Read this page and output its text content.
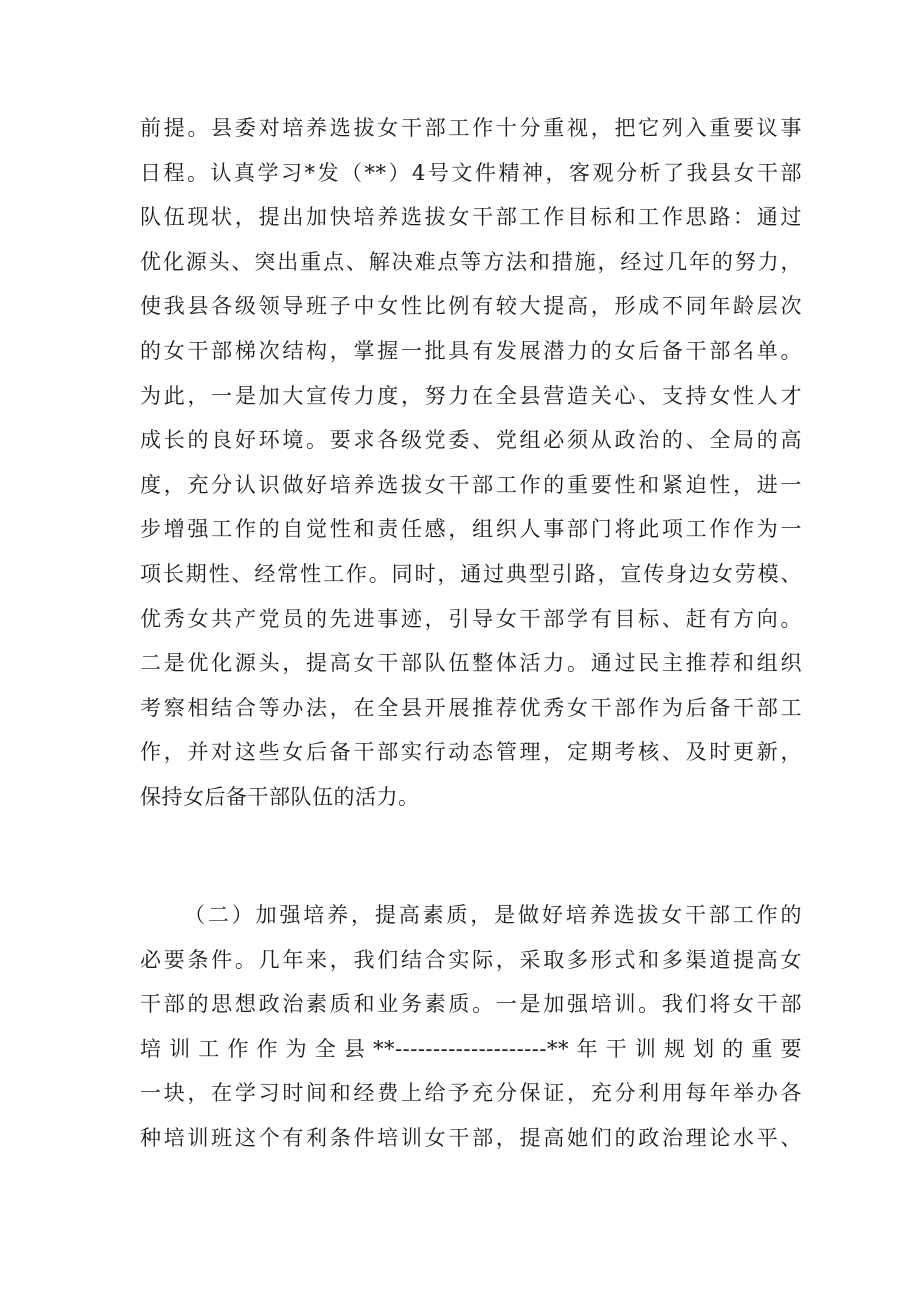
前提。县委对培养选拔女干部工作十分重视，把它列入重要议事
日程。认真学习*发（**）4号文件精神，客观分析了我县女干部
队伍现状，提出加快培养选拔女干部工作目标和工作思路：通过
优化源头、突出重点、解决难点等方法和措施，经过几年的努力，
使我县各级领导班子中女性比例有较大提高，形成不同年龄层次
的女干部梯次结构，掌握一批具有发展潜力的女后备干部名单。
为此，一是加大宣传力度，努力在全县营造关心、支持女性人才
成长的良好环境。要求各级党委、党组必须从政治的、全局的高
度，充分认识做好培养选拔女干部工作的重要性和紧迫性，进一
步增强工作的自觉性和责任感，组织人事部门将此项工作作为一
项长期性、经常性工作。同时，通过典型引路，宣传身边女劳模、
优秀女共产党员的先进事迹，引导女干部学有目标、赶有方向。
二是优化源头，提高女干部队伍整体活力。通过民主推荐和组织
考察相结合等办法，在全县开展推荐优秀女干部作为后备干部工
作，并对这些女后备干部实行动态管理，定期考核、及时更新，
保持女后备干部队伍的活力。
（二）加强培养，提高素质，是做好培养选拔女干部工作的
必要条件。几年来，我们结合实际，采取多形式和多渠道提高女
干部的思想政治素质和业务素质。一是加强培训。我们将女干部
培训工作作为全县**--------------------**年干训规划的重要
一块，在学习时间和经费上给予充分保证，充分利用每年举办各
种培训班这个有利条件培训女干部，提高她们的政治理论水平、
